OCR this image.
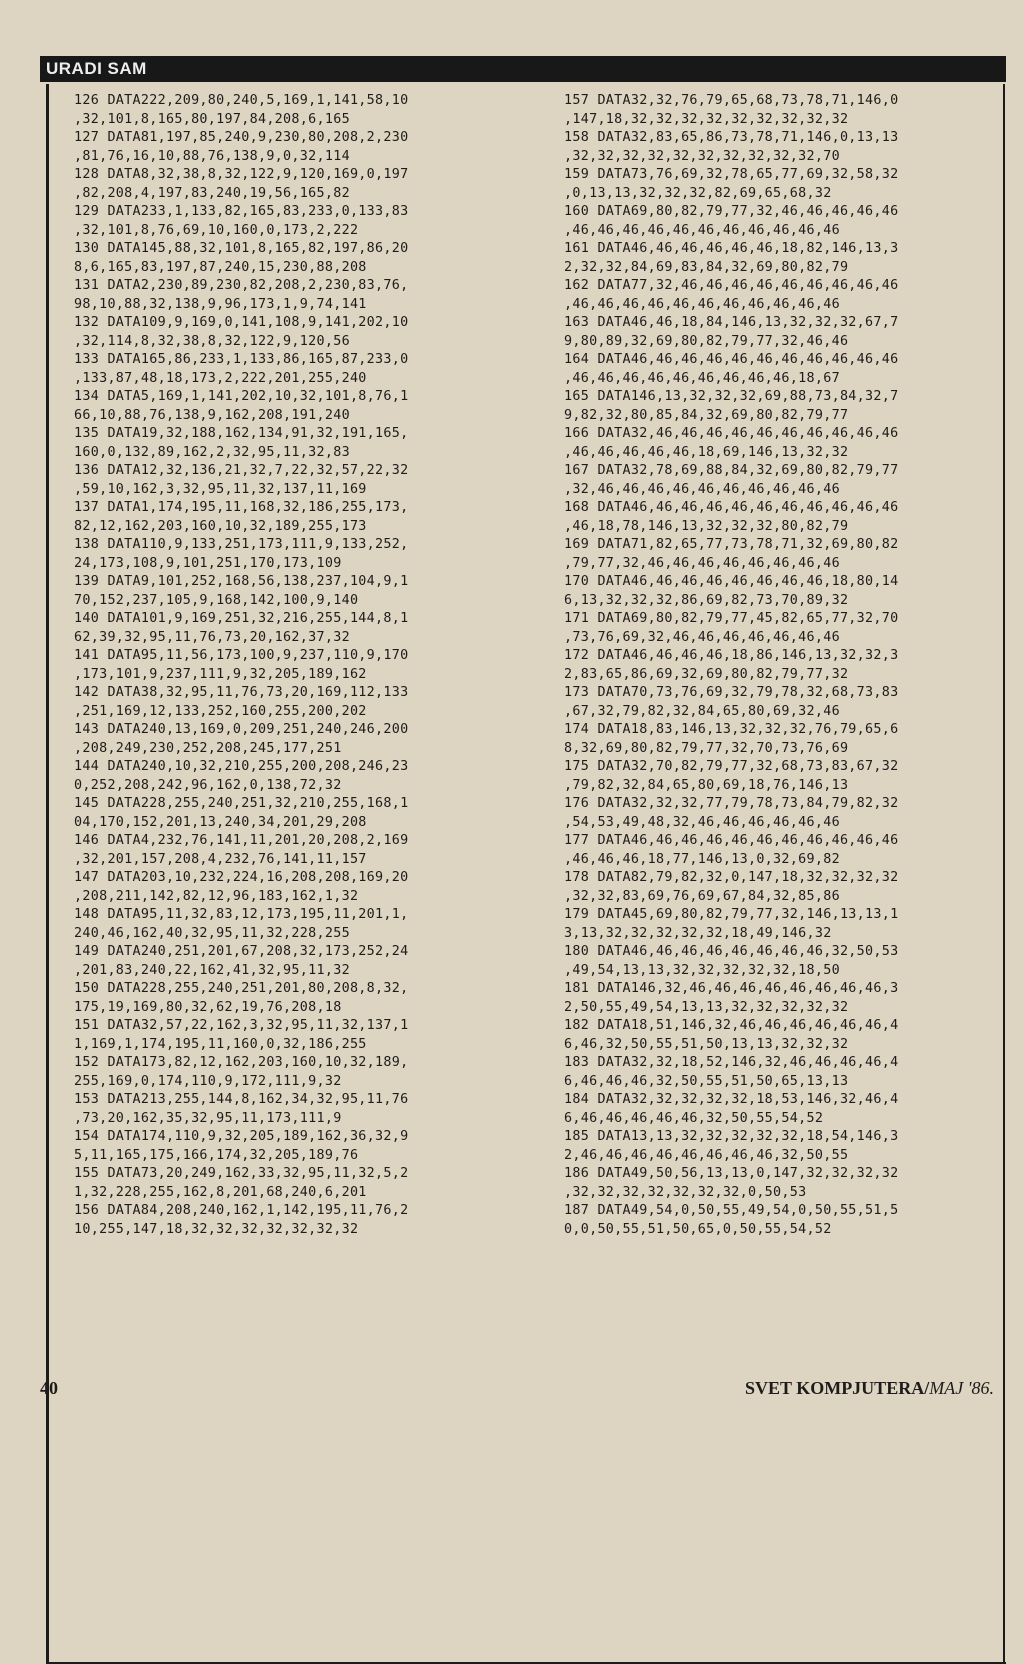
URADI SAM
126 DATA222,209,80,240,5,169,1,141,58,10
,32,101,8,165,80,197,84,208,6,165
127 DATA81,197,85,240,9,230,80,208,2,230
,81,76,16,10,88,76,138,9,0,32,114
128 DATA8,32,38,8,32,122,9,120,169,0,197
,82,208,4,197,83,240,19,56,165,82
129 DATA233,1,133,82,165,83,233,0,133,83
,32,101,8,76,69,10,160,0,173,2,222
130 DATA145,88,32,101,8,165,82,197,86,20
8,6,165,83,197,87,240,15,230,88,208
131 DATA2,230,89,230,82,208,2,230,83,76,
98,10,88,32,138,9,96,173,1,9,74,141
132 DATA109,9,169,0,141,108,9,141,202,10
,32,114,8,32,38,8,32,122,9,120,56
133 DATA165,86,233,1,133,86,165,87,233,0
,133,87,48,18,173,2,222,201,255,240
134 DATA5,169,1,141,202,10,32,101,8,76,1
66,10,88,76,138,9,162,208,191,240
135 DATA19,32,188,162,134,91,32,191,165,
160,0,132,89,162,2,32,95,11,32,83
136 DATA12,32,136,21,32,7,22,32,57,22,32
,59,10,162,3,32,95,11,32,137,11,169
137 DATA1,174,195,11,168,32,186,255,173,
82,12,162,203,160,10,32,189,255,173
138 DATA110,9,133,251,173,111,9,133,252,
24,173,108,9,101,251,170,173,109
139 DATA9,101,252,168,56,138,237,104,9,1
70,152,237,105,9,168,142,100,9,140
140 DATA101,9,169,251,32,216,255,144,8,1
62,39,32,95,11,76,73,20,162,37,32
141 DATA95,11,56,173,100,9,237,110,9,170
,173,101,9,237,111,9,32,205,189,162
142 DATA38,32,95,11,76,73,20,169,112,133
,251,169,12,133,252,160,255,200,202
143 DATA240,13,169,0,209,251,240,246,200
,208,249,230,252,208,245,177,251
144 DATA240,10,32,210,255,200,208,246,23
0,252,208,242,96,162,0,138,72,32
145 DATA228,255,240,251,32,210,255,168,1
04,170,152,201,13,240,34,201,29,208
146 DATA4,232,76,141,11,201,20,208,2,169
,32,201,157,208,4,232,76,141,11,157
147 DATA203,10,232,224,16,208,208,169,20
,208,211,142,82,12,96,183,162,1,32
148 DATA95,11,32,83,12,173,195,11,201,1,
240,46,162,40,32,95,11,32,228,255
149 DATA240,251,201,67,208,32,173,252,24
,201,83,240,22,162,41,32,95,11,32
150 DATA228,255,240,251,201,80,208,8,32,
175,19,169,80,32,62,19,76,208,18
151 DATA32,57,22,162,3,32,95,11,32,137,1
1,169,1,174,195,11,160,0,32,186,255
152 DATA173,82,12,162,203,160,10,32,189,
255,169,0,174,110,9,172,111,9,32
153 DATA213,255,144,8,162,34,32,95,11,76
,73,20,162,35,32,95,11,173,111,9
154 DATA174,110,9,32,205,189,162,36,32,9
5,11,165,175,166,174,32,205,189,76
155 DATA73,20,249,162,33,32,95,11,32,5,2
1,32,228,255,162,8,201,68,240,6,201
156 DATA84,208,240,162,1,142,195,11,76,2
10,255,147,18,32,32,32,32,32,32,32
157 DATA32,32,76,79,65,68,73,78,71,146,0
,147,18,32,32,32,32,32,32,32,32,32
158 DATA32,83,65,86,73,78,71,146,0,13,13
,32,32,32,32,32,32,32,32,32,32,70
159 DATA73,76,69,32,78,65,77,69,32,58,32
,0,13,13,32,32,32,82,69,65,68,32
160 DATA69,80,82,79,77,32,46,46,46,46,46
,46,46,46,46,46,46,46,46,46,46,46
161 DATA46,46,46,46,46,46,18,82,146,13,3
2,32,32,84,69,83,84,32,69,80,82,79
162 DATA77,32,46,46,46,46,46,46,46,46,46
,46,46,46,46,46,46,46,46,46,46,46
163 DATA46,46,18,84,146,13,32,32,32,67,7
9,80,89,32,69,80,82,79,77,32,46,46
164 DATA46,46,46,46,46,46,46,46,46,46,46
,46,46,46,46,46,46,46,46,46,18,67
165 DATA146,13,32,32,32,69,88,73,84,32,7
9,82,32,80,85,84,32,69,80,82,79,77
166 DATA32,46,46,46,46,46,46,46,46,46,46
,46,46,46,46,46,18,69,146,13,32,32
167 DATA32,78,69,88,84,32,69,80,82,79,77
,32,46,46,46,46,46,46,46,46,46,46
168 DATA46,46,46,46,46,46,46,46,46,46,46
,46,18,78,146,13,32,32,32,80,82,79
169 DATA71,82,65,77,73,78,71,32,69,80,82
,79,77,32,46,46,46,46,46,46,46,46
170 DATA46,46,46,46,46,46,46,46,18,80,14
6,13,32,32,32,86,69,82,73,70,89,32
171 DATA69,80,82,79,77,45,82,65,77,32,70
,73,76,69,32,46,46,46,46,46,46,46
172 DATA46,46,46,46,18,86,146,13,32,32,3
2,83,65,86,69,32,69,80,82,79,77,32
173 DATA70,73,76,69,32,79,78,32,68,73,83
,67,32,79,82,32,84,65,80,69,32,46
174 DATA18,83,146,13,32,32,32,76,79,65,6
8,32,69,80,82,79,77,32,70,73,76,69
175 DATA32,70,82,79,77,32,68,73,83,67,32
,79,82,32,84,65,80,69,18,76,146,13
176 DATA32,32,32,77,79,78,73,84,79,82,32
,54,53,49,48,32,46,46,46,46,46,46
177 DATA46,46,46,46,46,46,46,46,46,46,46
,46,46,46,18,77,146,13,0,32,69,82
178 DATA82,79,82,32,0,147,18,32,32,32,32
,32,32,83,69,76,69,67,84,32,85,86
179 DATA45,69,80,82,79,77,32,146,13,13,1
3,13,32,32,32,32,32,18,49,146,32
180 DATA46,46,46,46,46,46,46,46,32,50,53
,49,54,13,13,32,32,32,32,32,18,50
181 DATA146,32,46,46,46,46,46,46,46,46,3
2,50,55,49,54,13,13,32,32,32,32,32
182 DATA18,51,146,32,46,46,46,46,46,46,4
6,46,32,50,55,51,50,13,13,32,32,32
183 DATA32,32,18,52,146,32,46,46,46,46,4
6,46,46,46,32,50,55,51,50,65,13,13
184 DATA32,32,32,32,32,18,53,146,32,46,4
6,46,46,46,46,46,32,50,55,54,52
185 DATA13,13,32,32,32,32,32,18,54,146,3
2,46,46,46,46,46,46,46,46,32,50,55
186 DATA49,50,56,13,13,0,147,32,32,32,32
,32,32,32,32,32,32,32,0,50,53
187 DATA49,54,0,50,55,49,54,0,50,55,51,5
0,0,50,55,51,50,65,0,50,55,54,52
40	SVET KOMPJUTERA/MAJ '86.
